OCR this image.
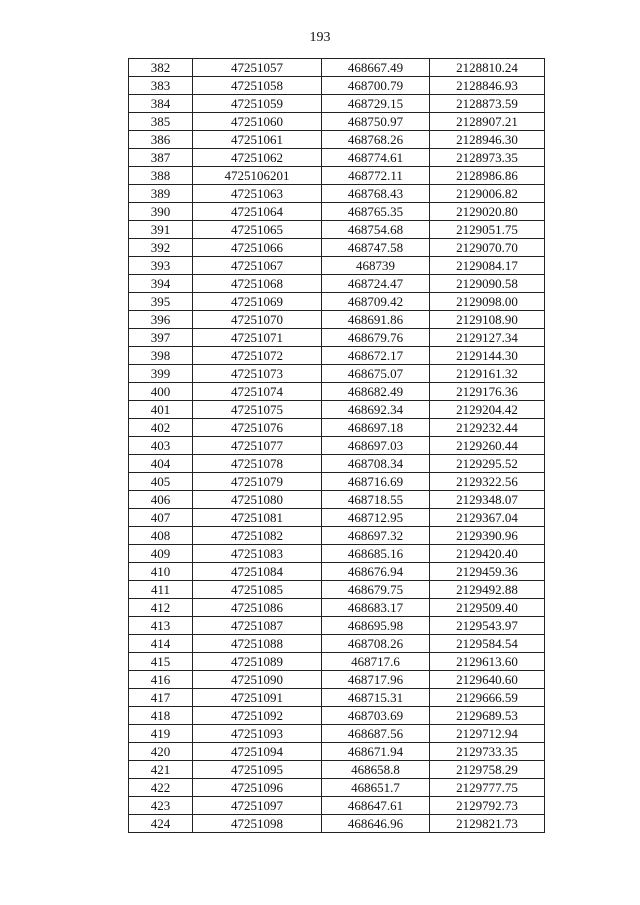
193
382	47251057	468667.49	2128810.24
383	47251058	468700.79	2128846.93
384	47251059	468729.15	2128873.59
385	47251060	468750.97	2128907.21
386	47251061	468768.26	2128946.30
387	47251062	468774.61	2128973.35
388	4725106201	468772.11	2128986.86
389	47251063	468768.43	2129006.82
390	47251064	468765.35	2129020.80
391	47251065	468754.68	2129051.75
392	47251066	468747.58	2129070.70
393	47251067	468739	2129084.17
394	47251068	468724.47	2129090.58
395	47251069	468709.42	2129098.00
396	47251070	468691.86	2129108.90
397	47251071	468679.76	2129127.34
398	47251072	468672.17	2129144.30
399	47251073	468675.07	2129161.32
400	47251074	468682.49	2129176.36
401	47251075	468692.34	2129204.42
402	47251076	468697.18	2129232.44
403	47251077	468697.03	2129260.44
404	47251078	468708.34	2129295.52
405	47251079	468716.69	2129322.56
406	47251080	468718.55	2129348.07
407	47251081	468712.95	2129367.04
408	47251082	468697.32	2129390.96
409	47251083	468685.16	2129420.40
410	47251084	468676.94	2129459.36
411	47251085	468679.75	2129492.88
412	47251086	468683.17	2129509.40
413	47251087	468695.98	2129543.97
414	47251088	468708.26	2129584.54
415	47251089	468717.6	2129613.60
416	47251090	468717.96	2129640.60
417	47251091	468715.31	2129666.59
418	47251092	468703.69	2129689.53
419	47251093	468687.56	2129712.94
420	47251094	468671.94	2129733.35
421	47251095	468658.8	2129758.29
422	47251096	468651.7	2129777.75
423	47251097	468647.61	2129792.73
424	47251098	468646.96	2129821.73
